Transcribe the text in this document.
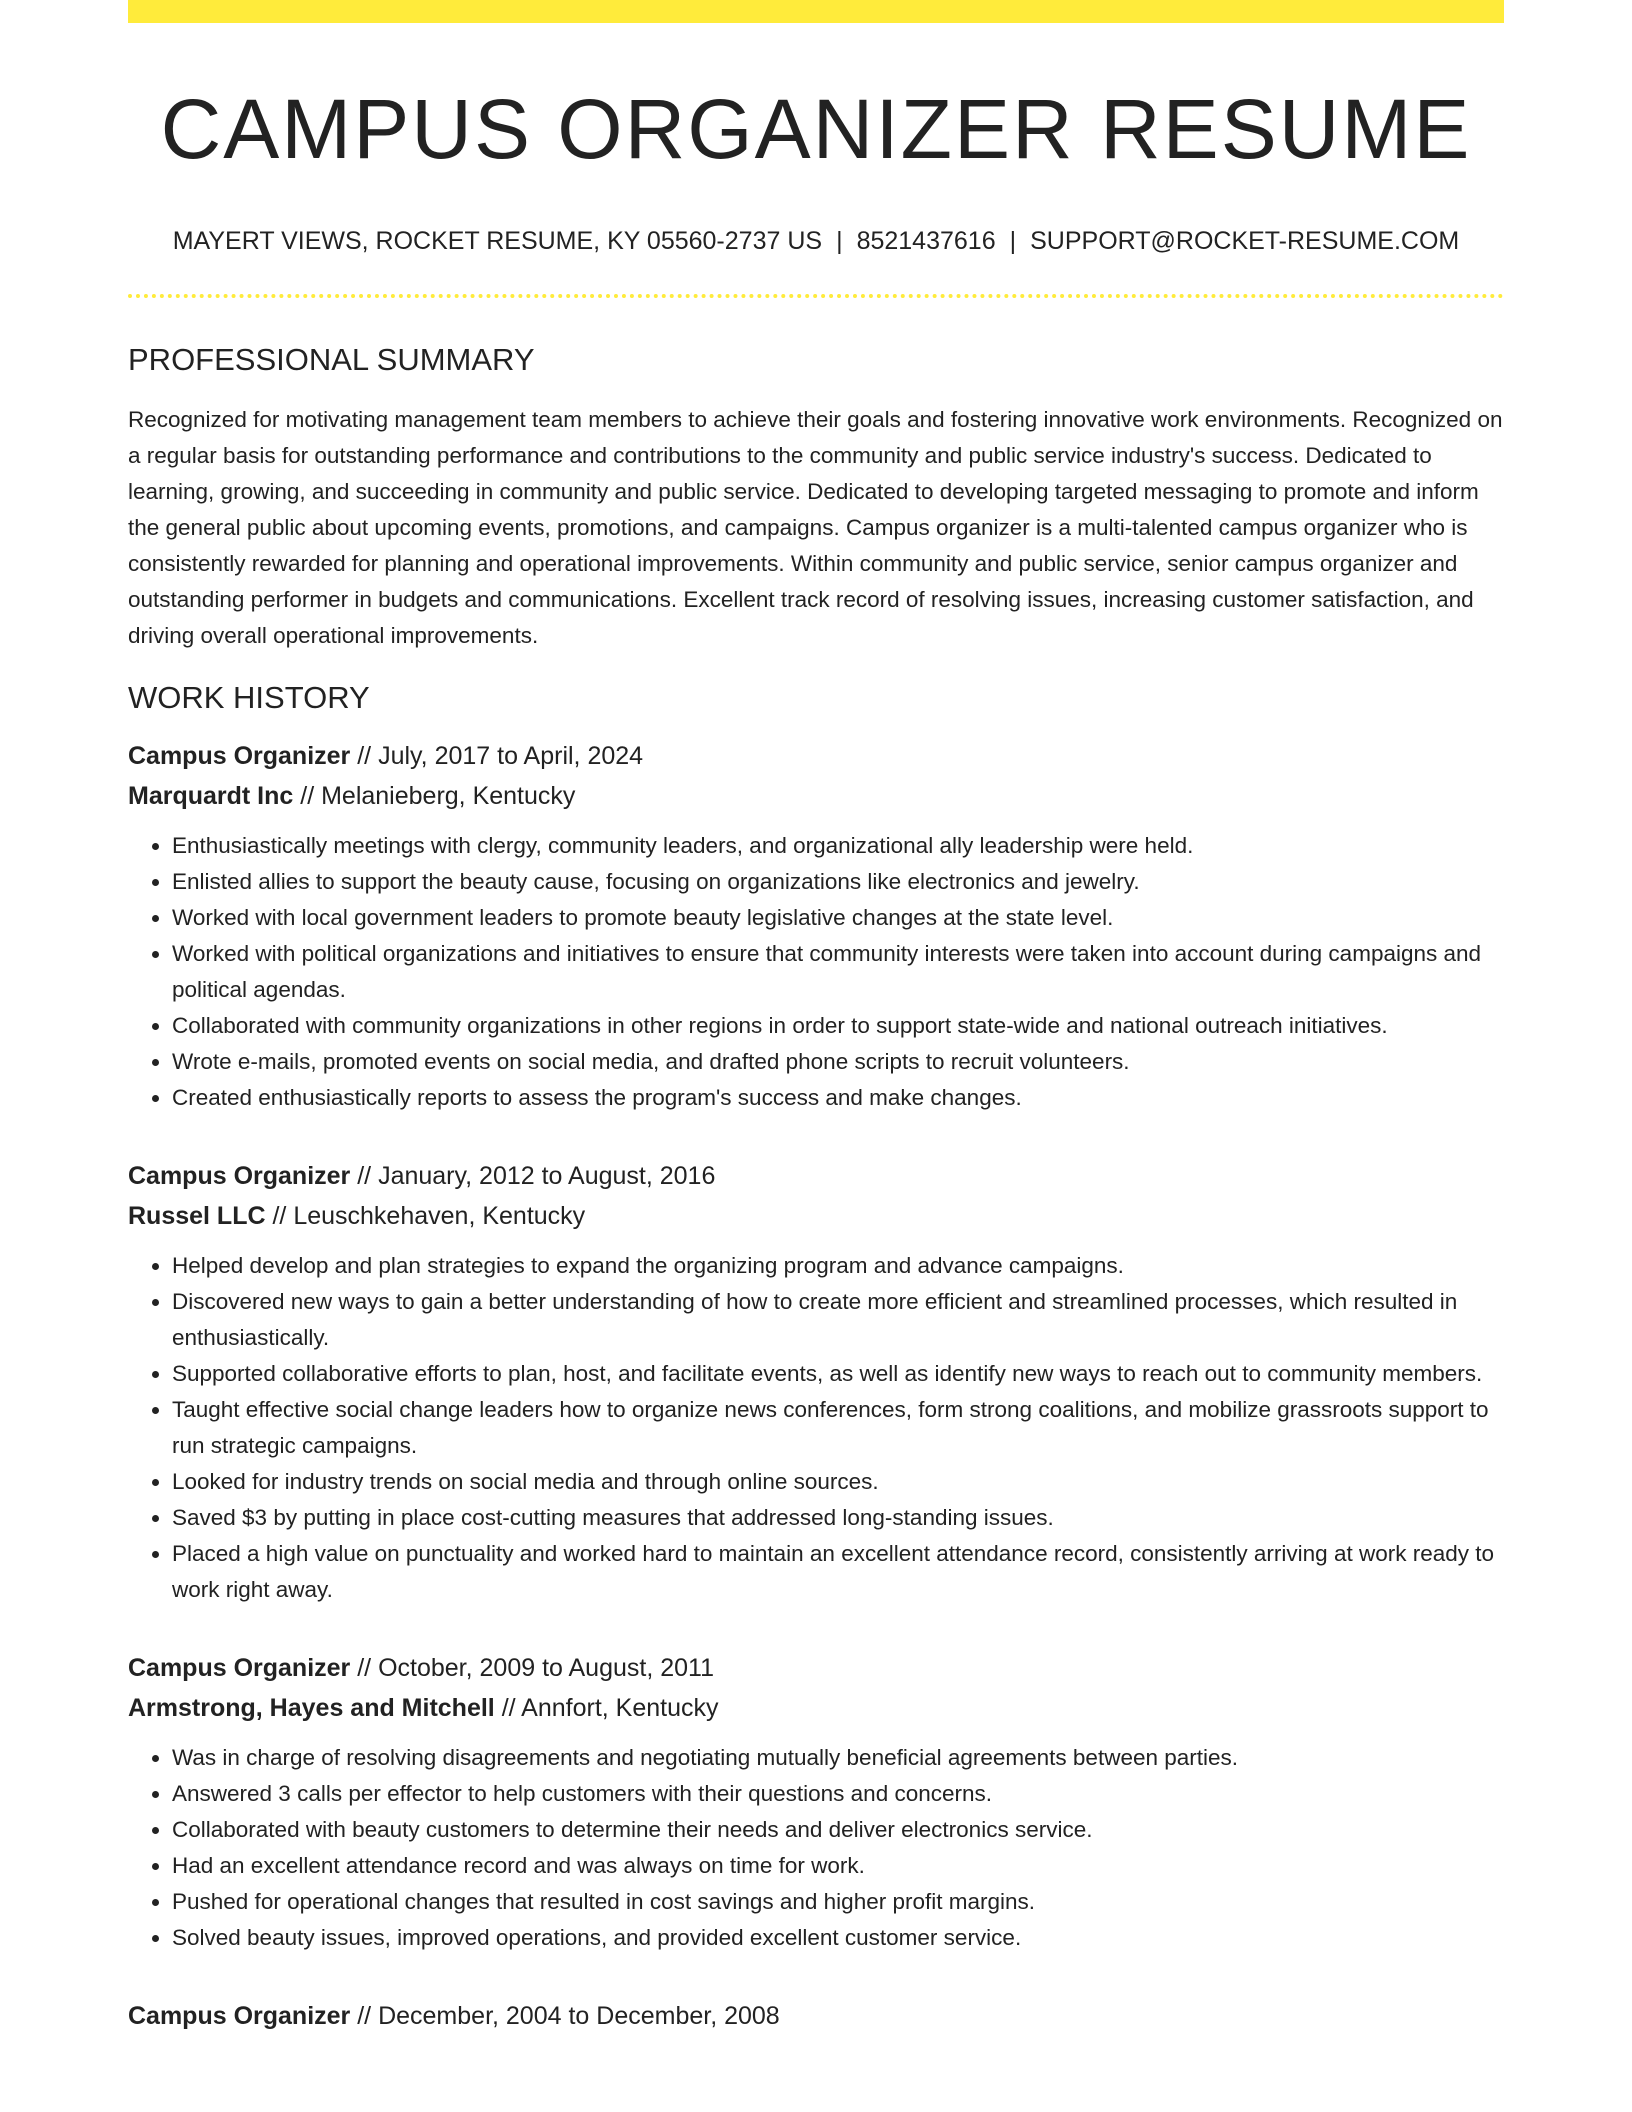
CAMPUS ORGANIZER RESUME
MAYERT VIEWS, ROCKET RESUME, KY 05560-2737 US | 8521437616 | SUPPORT@ROCKET-RESUME.COM
PROFESSIONAL SUMMARY
Recognized for motivating management team members to achieve their goals and fostering innovative work environments. Recognized on a regular basis for outstanding performance and contributions to the community and public service industry's success. Dedicated to learning, growing, and succeeding in community and public service. Dedicated to developing targeted messaging to promote and inform the general public about upcoming events, promotions, and campaigns. Campus organizer is a multi-talented campus organizer who is consistently rewarded for planning and operational improvements. Within community and public service, senior campus organizer and outstanding performer in budgets and communications. Excellent track record of resolving issues, increasing customer satisfaction, and driving overall operational improvements.
WORK HISTORY
Campus Organizer // July, 2017 to April, 2024
Marquardt Inc // Melanieberg, Kentucky
• Enthusiastically meetings with clergy, community leaders, and organizational ally leadership were held.
• Enlisted allies to support the beauty cause, focusing on organizations like electronics and jewelry.
• Worked with local government leaders to promote beauty legislative changes at the state level.
• Worked with political organizations and initiatives to ensure that community interests were taken into account during campaigns and political agendas.
• Collaborated with community organizations in other regions in order to support state-wide and national outreach initiatives.
• Wrote e-mails, promoted events on social media, and drafted phone scripts to recruit volunteers.
• Created enthusiastically reports to assess the program's success and make changes.
Campus Organizer // January, 2012 to August, 2016
Russel LLC // Leuschkehaven, Kentucky
• Helped develop and plan strategies to expand the organizing program and advance campaigns.
• Discovered new ways to gain a better understanding of how to create more efficient and streamlined processes, which resulted in enthusiastically.
• Supported collaborative efforts to plan, host, and facilitate events, as well as identify new ways to reach out to community members.
• Taught effective social change leaders how to organize news conferences, form strong coalitions, and mobilize grassroots support to run strategic campaigns.
• Looked for industry trends on social media and through online sources.
• Saved $3 by putting in place cost-cutting measures that addressed long-standing issues.
• Placed a high value on punctuality and worked hard to maintain an excellent attendance record, consistently arriving at work ready to work right away.
Campus Organizer // October, 2009 to August, 2011
Armstrong, Hayes and Mitchell // Annfort, Kentucky
• Was in charge of resolving disagreements and negotiating mutually beneficial agreements between parties.
• Answered 3 calls per effector to help customers with their questions and concerns.
• Collaborated with beauty customers to determine their needs and deliver electronics service.
• Had an excellent attendance record and was always on time for work.
• Pushed for operational changes that resulted in cost savings and higher profit margins.
• Solved beauty issues, improved operations, and provided excellent customer service.
Campus Organizer // December, 2004 to December, 2008
